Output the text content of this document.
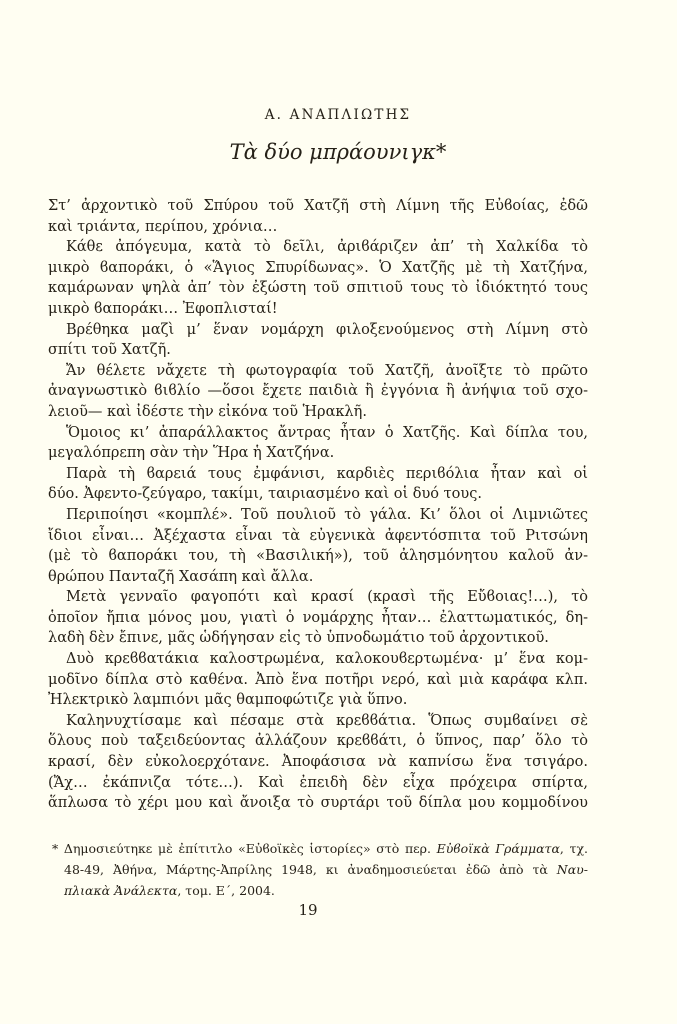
Α. ΑΝΑΠΛΙΩΤΗΣ
Τὰ δύο μπράουνιγκ*
Στ’ ἀρχοντικὸ τοῦ Σπύρου τοῦ Χατζῆ στὴ Λίμνη τῆς Εὐϐοίας, ἐδῶ
καὶ τριάντα, περίπου, χρόνια…
Κάθε ἀπόγευμα, κατὰ τὸ δεῖλι, ἀριϐάριζεν ἀπ’ τὴ Χαλκίδα τὸ
μικρὸ ϐαποράκι, ὁ «Ἅγιος Σπυρίδωνας». Ὁ Χατζῆς μὲ τὴ Χατζήνα,
καμάρωναν ψηλὰ ἀπ’ τὸν ἐξώστη τοῦ σπιτιοῦ τους τὸ ἰδιόκτητό τους
μικρὸ ϐαποράκι… Ἐφοπλισταί!
Βρέθηκα μαζὶ μ’ ἕναν νομάρχη φιλοξενούμενος στὴ Λίμνη στὸ
σπίτι τοῦ Χατζῆ.
Ἄν θέλετε νἄχετε τὴ φωτογραφία τοῦ Χατζῆ, ἀνοῖξτε τὸ πρῶτο
ἀναγνωστικὸ ϐιϐλίο —ὅσοι ἔχετε παιδιὰ ἢ ἐγγόνια ἢ ἀνήψια τοῦ σχο-
λειοῦ— καὶ ἰδέστε τὴν εἰκόνα τοῦ Ἡρακλῆ.
Ὅμοιος κι’ ἀπαράλλακτος ἄντρας ἦταν ὁ Χατζῆς. Καὶ δίπλα του,
μεγαλόπρεπη σὰν τὴν Ἥρα ἡ Χατζήνα.
Παρὰ τὴ ϐαρειά τους ἐμφάνισι, καρδιὲς περιϐόλια ἦταν καὶ οἱ
δύο. Ἀφεντο-ζεύγαρο, τακίμι, ταιριασμένο καὶ οἱ δυό τους.
Περιποίησι «κομπλέ». Τοῦ πουλιοῦ τὸ γάλα. Κι’ ὅλοι οἱ Λιμνιῶτες
ἴδιοι εἶναι… Ἀξέχαστα εἶναι τὰ εὐγενικὰ ἀφεντόσπιτα τοῦ Ριτσώνη
(μὲ τὸ ϐαποράκι του, τὴ «Βασιλική»), τοῦ ἀλησμόνητου καλοῦ ἀν-
θρώπου Πανταζῆ Χασάπη καὶ ἄλλα.
Μετὰ γενναῖο φαγοπότι καὶ κρασί (κρασὶ τῆς Εὔϐοιας!…), τὸ
ὁποῖον ἤπια μόνος μου, γιατὶ ὁ νομάρχης ἦταν… ἐλαττωματικός, δη-
λαδὴ δὲν ἔπινε, μᾶς ὡδήγησαν εἰς τὸ ὑπνοδωμάτιο τοῦ ἀρχοντικοῦ.
Δυὸ κρεϐϐατάκια καλοστρωμένα, καλοκουϐερτωμένα· μ’ ἕνα κομ-
μοδῖνο δίπλα στὸ καθένα. Ἀπὸ ἕνα ποτῆρι νερό, καὶ μιὰ καράφα κλπ.
Ἠλεκτρικὸ λαμπιόνι μᾶς θαμποφώτιζε γιὰ ὕπνο.
Καληνυχτίσαμε καὶ πέσαμε στὰ κρεϐϐάτια. Ὅπως συμϐαίνει σὲ
ὅλους ποὺ ταξειδεύοντας ἀλλάζουν κρεϐϐάτι, ὁ ὕπνος, παρ’ ὅλο τὸ
κρασί, δὲν εὐκολοερχότανε. Ἀποφάσισα νὰ καπνίσω ἕνα τσιγάρο.
(Ἄχ… ἐκάπνιζα τότε…). Καὶ ἐπειδὴ δὲν εἶχα πρόχειρα σπίρτα,
ἅπλωσα τὸ χέρι μου καὶ ἄνοιξα τὸ συρτάρι τοῦ δίπλα μου κομμοδίνου
* Δημοσιεύτηκε μὲ ἐπίτιτλο «Εὐϐοϊκὲς ἱστορίες» στὸ περ. Εὐϐοϊκὰ Γράμματα, τχ.
48-49, Ἀθήνα, Μάρτης-Ἀπρίλης 1948, κι ἀναδημοσιεύεται ἐδῶ ἀπὸ τὰ Ναυ-
πλιακὰ Ἀνάλεκτα, τομ. Ε΄, 2004.
19
